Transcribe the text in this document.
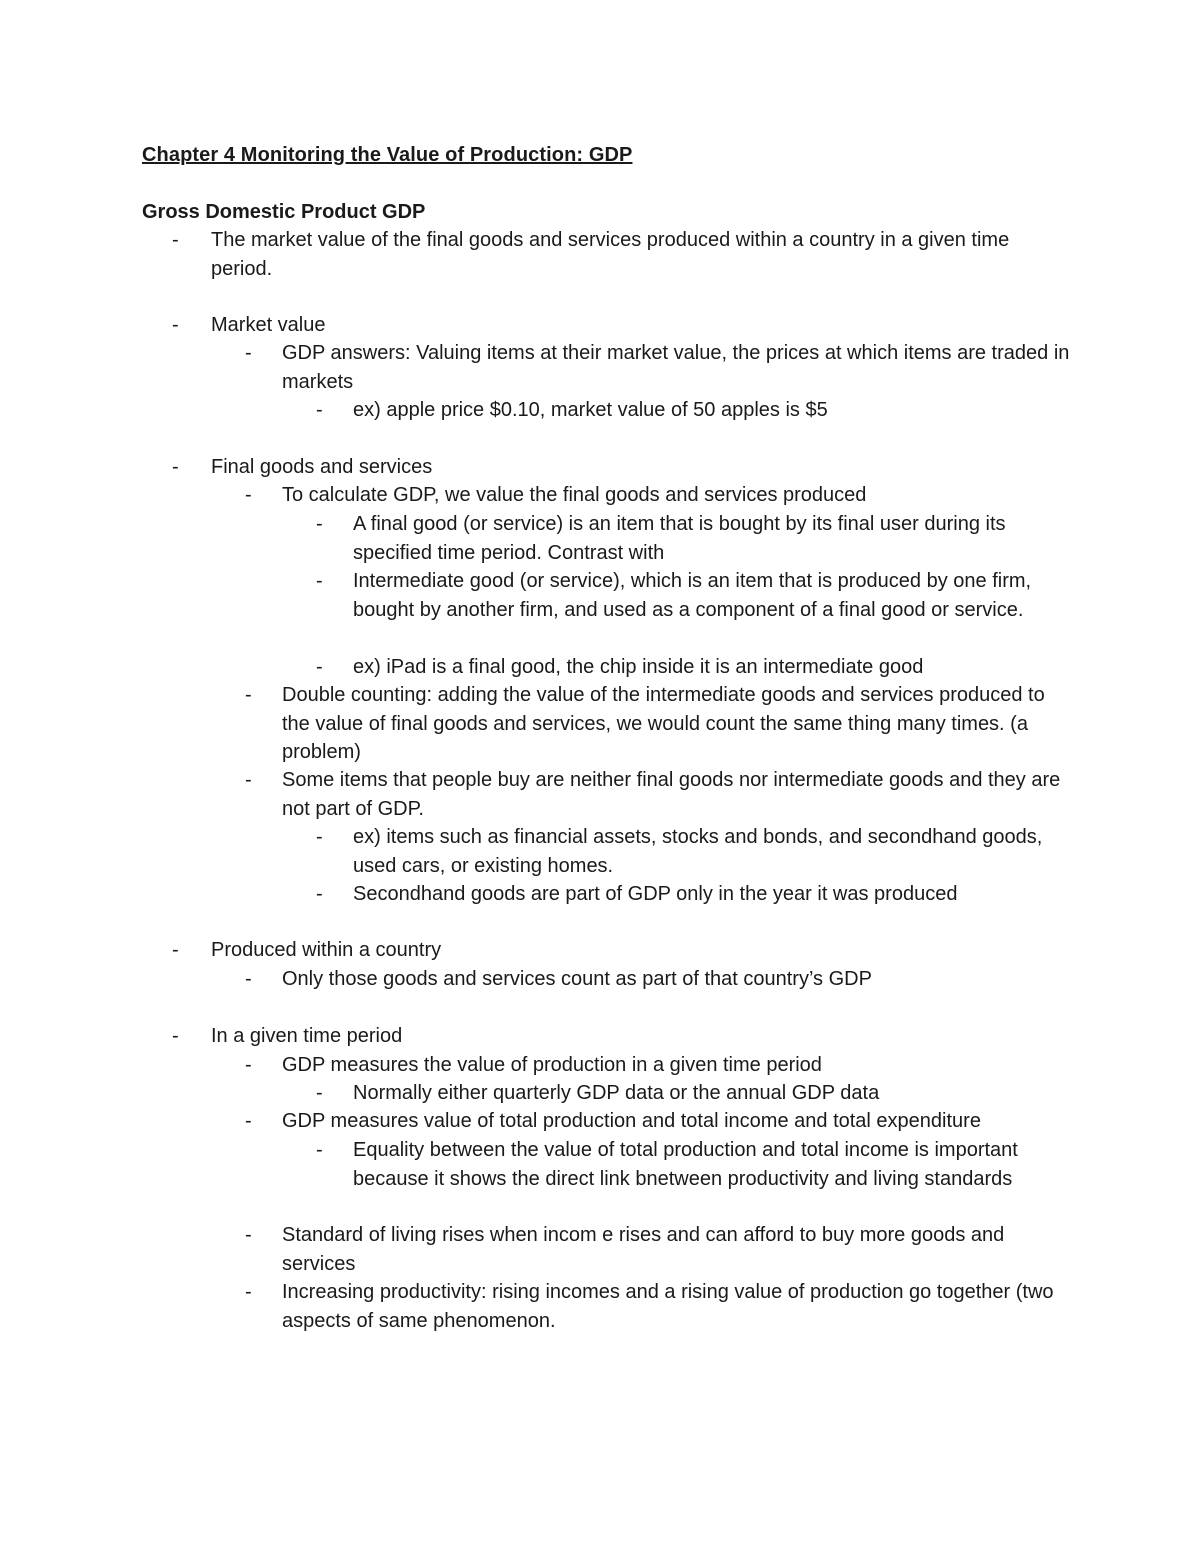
Chapter 4 Monitoring the Value of Production: GDP
Gross Domestic Product GDP
- The market value of the final goods and services produced within a country in a given time period.
- Market value
- GDP answers: Valuing items at their market value, the prices at which items are traded in markets
- ex) apple price $0.10, market value of 50 apples is $5
- Final goods and services
- To calculate GDP, we value the final goods and services produced
- A final good (or service) is an item that is bought by its final user during its specified time period. Contrast with
- Intermediate good (or service), which is an item that is produced by one firm, bought by another firm, and used as a component of a final good or service.
- ex) iPad is a final good, the chip inside it is an intermediate good
- Double counting: adding the value of the intermediate goods and services produced to the value of final goods and services, we would count the same thing many times. (a problem)
- Some items that people buy are neither final goods nor intermediate goods and they are not part of GDP.
- ex) items such as financial assets, stocks and bonds, and secondhand goods, used cars, or existing homes.
- Secondhand goods are part of GDP only in the year it was produced
- Produced within a country
- Only those goods and services count as part of that country’s GDP
- In a given time period
- GDP measures the value of production in a given time period
- Normally either quarterly GDP data or the annual GDP data
- GDP measures value of total production and total income and total expenditure
- Equality between the value of total production and total income is important because it shows the direct link bnetween productivity and living standards
- Standard of living rises when incom e rises and can afford to buy more goods and services
- Increasing productivity: rising incomes and a rising value of production go together (two aspects of same phenomenon.
